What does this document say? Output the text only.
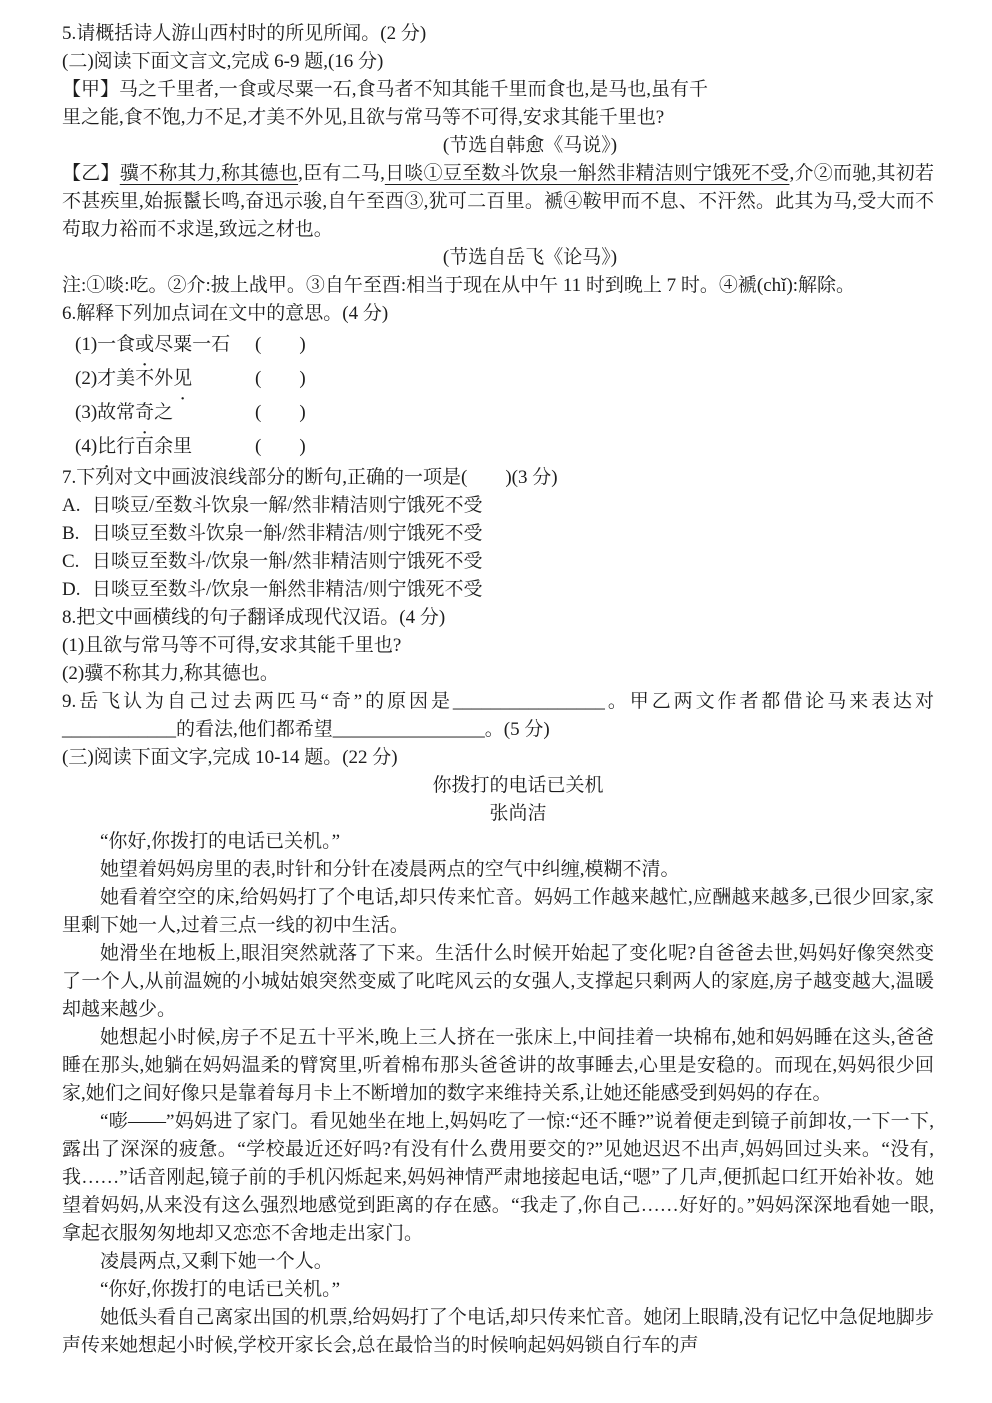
5.请概括诗人游山西村时的所见所闻。(2 分)
(二)阅读下面文言文,完成 6-9 题,(16 分)
【甲】马之千里者,一食或尽粟一石,食马者不知其能千里而食也,是马也,虽有千
里之能,食不饱,力不足,才美不外见,且欲与常马等不可得,安求其能千里也?
(节选自韩愈《马说》)
【乙】骥不称其力,称其德也,臣有二马,日啖①豆至数斗饮泉一斛然非精洁则宁饿死不受,介②而驰,其初若不甚疾里,始振鬣长鸣,奋迅示骏,自午至酉③,犹可二百里。褫④鞍甲而不息、不汗然。此其为马,受大而不苟取力裕而不求逞,致远之材也。
(节选自岳飞《论马》)
注:①啖:吃。②介:披上战甲。③自午至酉:相当于现在从中午 11 时到晚上 7 时。④褫(chǐ):解除。
6.解释下列加点词在文中的意思。(4 分)
(1)一食或尽粟一石 (　　)
(2)才美不外见	(　　)
(3)故常奇之	(　　)
(4)比行百余里	(　　)
7.下列对文中画波浪线部分的断句,正确的一项是(　　)(3 分)
A. 日啖豆/至数斗饮泉一解/然非精洁则宁饿死不受
B. 日啖豆至数斗饮泉一斛/然非精洁/则宁饿死不受
C. 日啖豆至数斗/饮泉一斛/然非精洁则宁饿死不受
D. 日啖豆至数斗/饮泉一斛然非精洁/则宁饿死不受
8.把文中画横线的句子翻译成现代汉语。(4 分)
(1)且欲与常马等不可得,安求其能千里也?
(2)骥不称其力,称其德也。
9.岳飞认为自己过去两匹马“奇”的原因是________________。甲乙两文作者都借论马来表达对____________的看法,他们都希望________________。(5 分)
(三)阅读下面文字,完成 10-14 题。(22 分)
你拨打的电话已关机
张尚洁
“你好,你拨打的电话已关机。”
她望着妈妈房里的表,时针和分针在凌晨两点的空气中纠缠,模糊不清。
她看着空空的床,给妈妈打了个电话,却只传来忙音。妈妈工作越来越忙,应酬越来越多,已很少回家,家里剩下她一人,过着三点一线的初中生活。
她滑坐在地板上,眼泪突然就落了下来。生活什么时候开始起了变化呢?自爸爸去世,妈妈好像突然变了一个人,从前温婉的小城姑娘突然变威了叱咤风云的女强人,支撑起只剩两人的家庭,房子越变越大,温暖却越来越少。
她想起小时候,房子不足五十平米,晚上三人挤在一张床上,中间挂着一块棉布,她和妈妈睡在这头,爸爸睡在那头,她躺在妈妈温柔的臂窝里,听着棉布那头爸爸讲的故事睡去,心里是安稳的。而现在,妈妈很少回家,她们之间好像只是靠着每月卡上不断增加的数字来维持关系,让她还能感受到妈妈的存在。
“嘭——”妈妈进了家门。看见她坐在地上,妈妈吃了一惊:“还不睡?”说着便走到镜子前卸妆,一下一下,露出了深深的疲惫。“学校最近还好吗?有没有什么费用要交的?”见她迟迟不出声,妈妈回过头来。“没有,我……”话音刚起,镜子前的手机闪烁起来,妈妈神情严肃地接起电话,“嗯”了几声,便抓起口红开始补妆。她望着妈妈,从来没有这么强烈地感觉到距离的存在感。“我走了,你自己……好好的。”妈妈深深地看她一眼,拿起衣服匆匆地却又恋恋不舍地走出家门。
凌晨两点,又剩下她一个人。
“你好,你拨打的电话已关机。”
她低头看自己离家出国的机票,给妈妈打了个电话,却只传来忙音。她闭上眼睛,没有记忆中急促地脚步声传来她想起小时候,学校开家长会,总在最恰当的时候响起妈妈锁自行车的声
